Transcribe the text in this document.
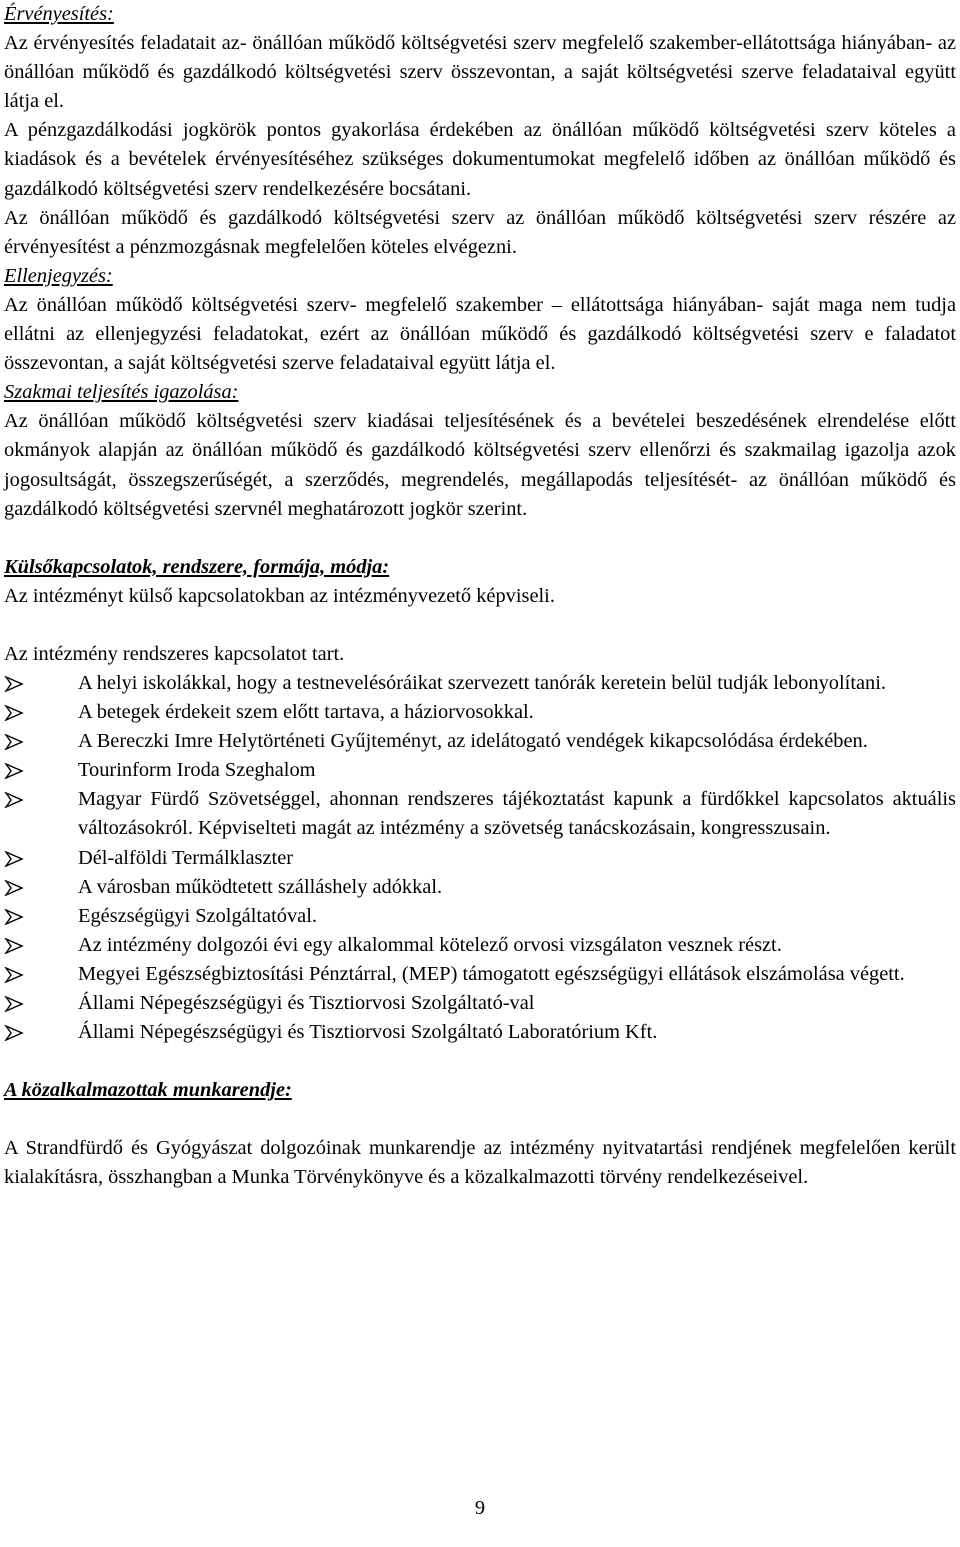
Érvényesítés:

Az érvényesítés feladatait az- önállóan működő költségvetési szerv megfelelő szakember-ellátottsága hiányában- az önállóan működő és gazdálkodó költségvetési szerv összevontan, a saját költségvetési szerve feladataival együtt látja el.

A pénzgazdálkodási jogkörök pontos gyakorlása érdekében az önállóan működő költségvetési szerv köteles a kiadások és a bevételek érvényesítéséhez szükséges dokumentumokat megfelelő időben az önállóan működő és gazdálkodó költségvetési szerv rendelkezésére bocsátani.

Az önállóan működő és gazdálkodó költségvetési szerv az önállóan működő költségvetési szerv részére az érvényesítést a pénzmozgásnak megfelelően köteles elvégezni.

Ellenjegyzés:

Az önállóan működő költségvetési szerv- megfelelő szakember – ellátottsága hiányában- saját maga nem tudja ellátni az ellenjegyzési feladatokat, ezért az önállóan működő és gazdálkodó költségvetési szerv e faladatot összevontan, a saját költségvetési szerve feladataival együtt látja el.

Szakmai teljesítés igazolása:

Az önállóan működő költségvetési szerv kiadásai teljesítésének és a bevételei beszedésének elrendelése előtt okmányok alapján az önállóan működő és gazdálkodó költségvetési szerv ellenőrzi és szakmailag igazolja azok jogosultságát, összegszerűségét, a szerződés, megrendelés, megállapodás teljesítését- az önállóan működő és gazdálkodó költségvetési szervnél meghatározott jogkör szerint.

Külsőkapcsolatok, rendszere, formája, módja:

Az intézményt külső kapcsolatokban az intézményvezető képviseli.

Az intézmény rendszeres kapcsolatot tart.

A helyi iskolákkal, hogy a testnevelésóráikat szervezett tanórák keretein belül tudják lebonyolítani.
A betegek érdekeit szem előtt tartava, a háziorvosokkal.
A Bereczki Imre Helytörténeti Gyűjteményt, az idelátogató vendégek kikapcsolódása érdekében.
Tourinform Iroda Szeghalom
Magyar Fürdő Szövetséggel, ahonnan rendszeres tájékoztatást kapunk a fürdőkkel kapcsolatos aktuális változásokról. Képviselteti magát az intézmény a szövetség tanácskozásain, kongresszusain.
Dél-alföldi Termálklaszter
A városban működtetett szálláshely adókkal.
Egészségügyi Szolgáltatóval.
Az intézmény dolgozói évi egy alkalommal kötelező orvosi vizsgálaton vesznek részt.
Megyei Egészségbiztosítási Pénztárral, (MEP) támogatott egészségügyi ellátások elszámolása végett.
Állami Népegészségügyi és Tisztiorvosi Szolgáltató-val
Állami Népegészségügyi és Tisztiorvosi Szolgáltató Laboratórium Kft.

A közalkalmazottak munkarendje:

A Strandfürdő és Gyógyászat dolgozóinak munkarendje az intézmény nyitvatartási rendjének megfelelően került kialakításra, összhangban a Munka Törvénykönyve és a közalkalmazotti törvény rendelkezéseivel.

9
